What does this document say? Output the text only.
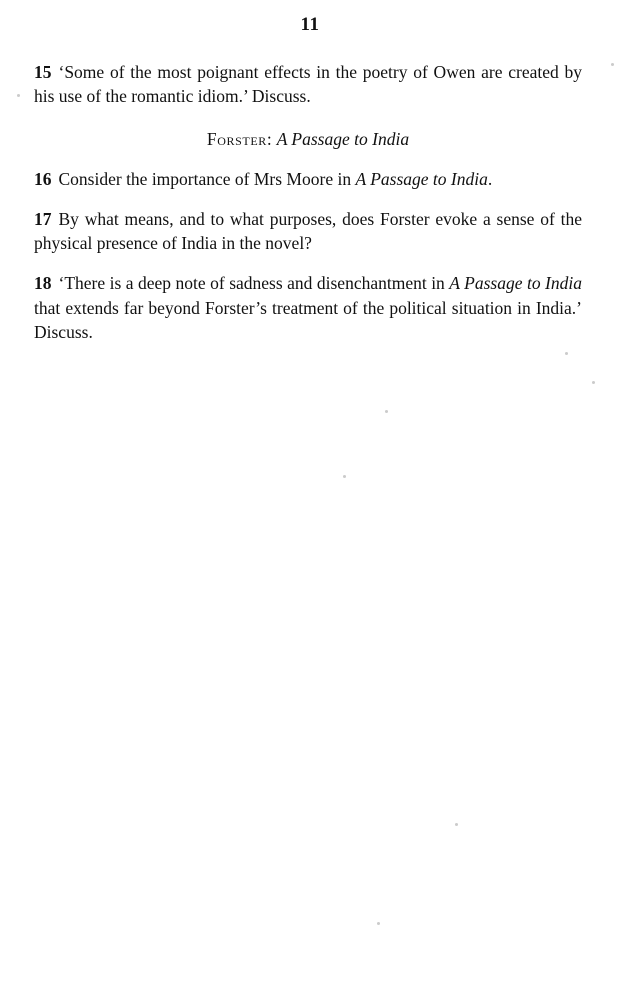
11

15 ‘Some of the most poignant effects in the poetry of Owen are created by his use of the romantic idiom.’ Discuss.

Forster: A Passage to India

16 Consider the importance of Mrs Moore in A Passage to India.

17 By what means, and to what purposes, does Forster evoke a sense of the physical presence of India in the novel?

18 ‘There is a deep note of sadness and disenchantment in A Passage to India that extends far beyond Forster’s treatment of the political situation in India.’ Discuss.
